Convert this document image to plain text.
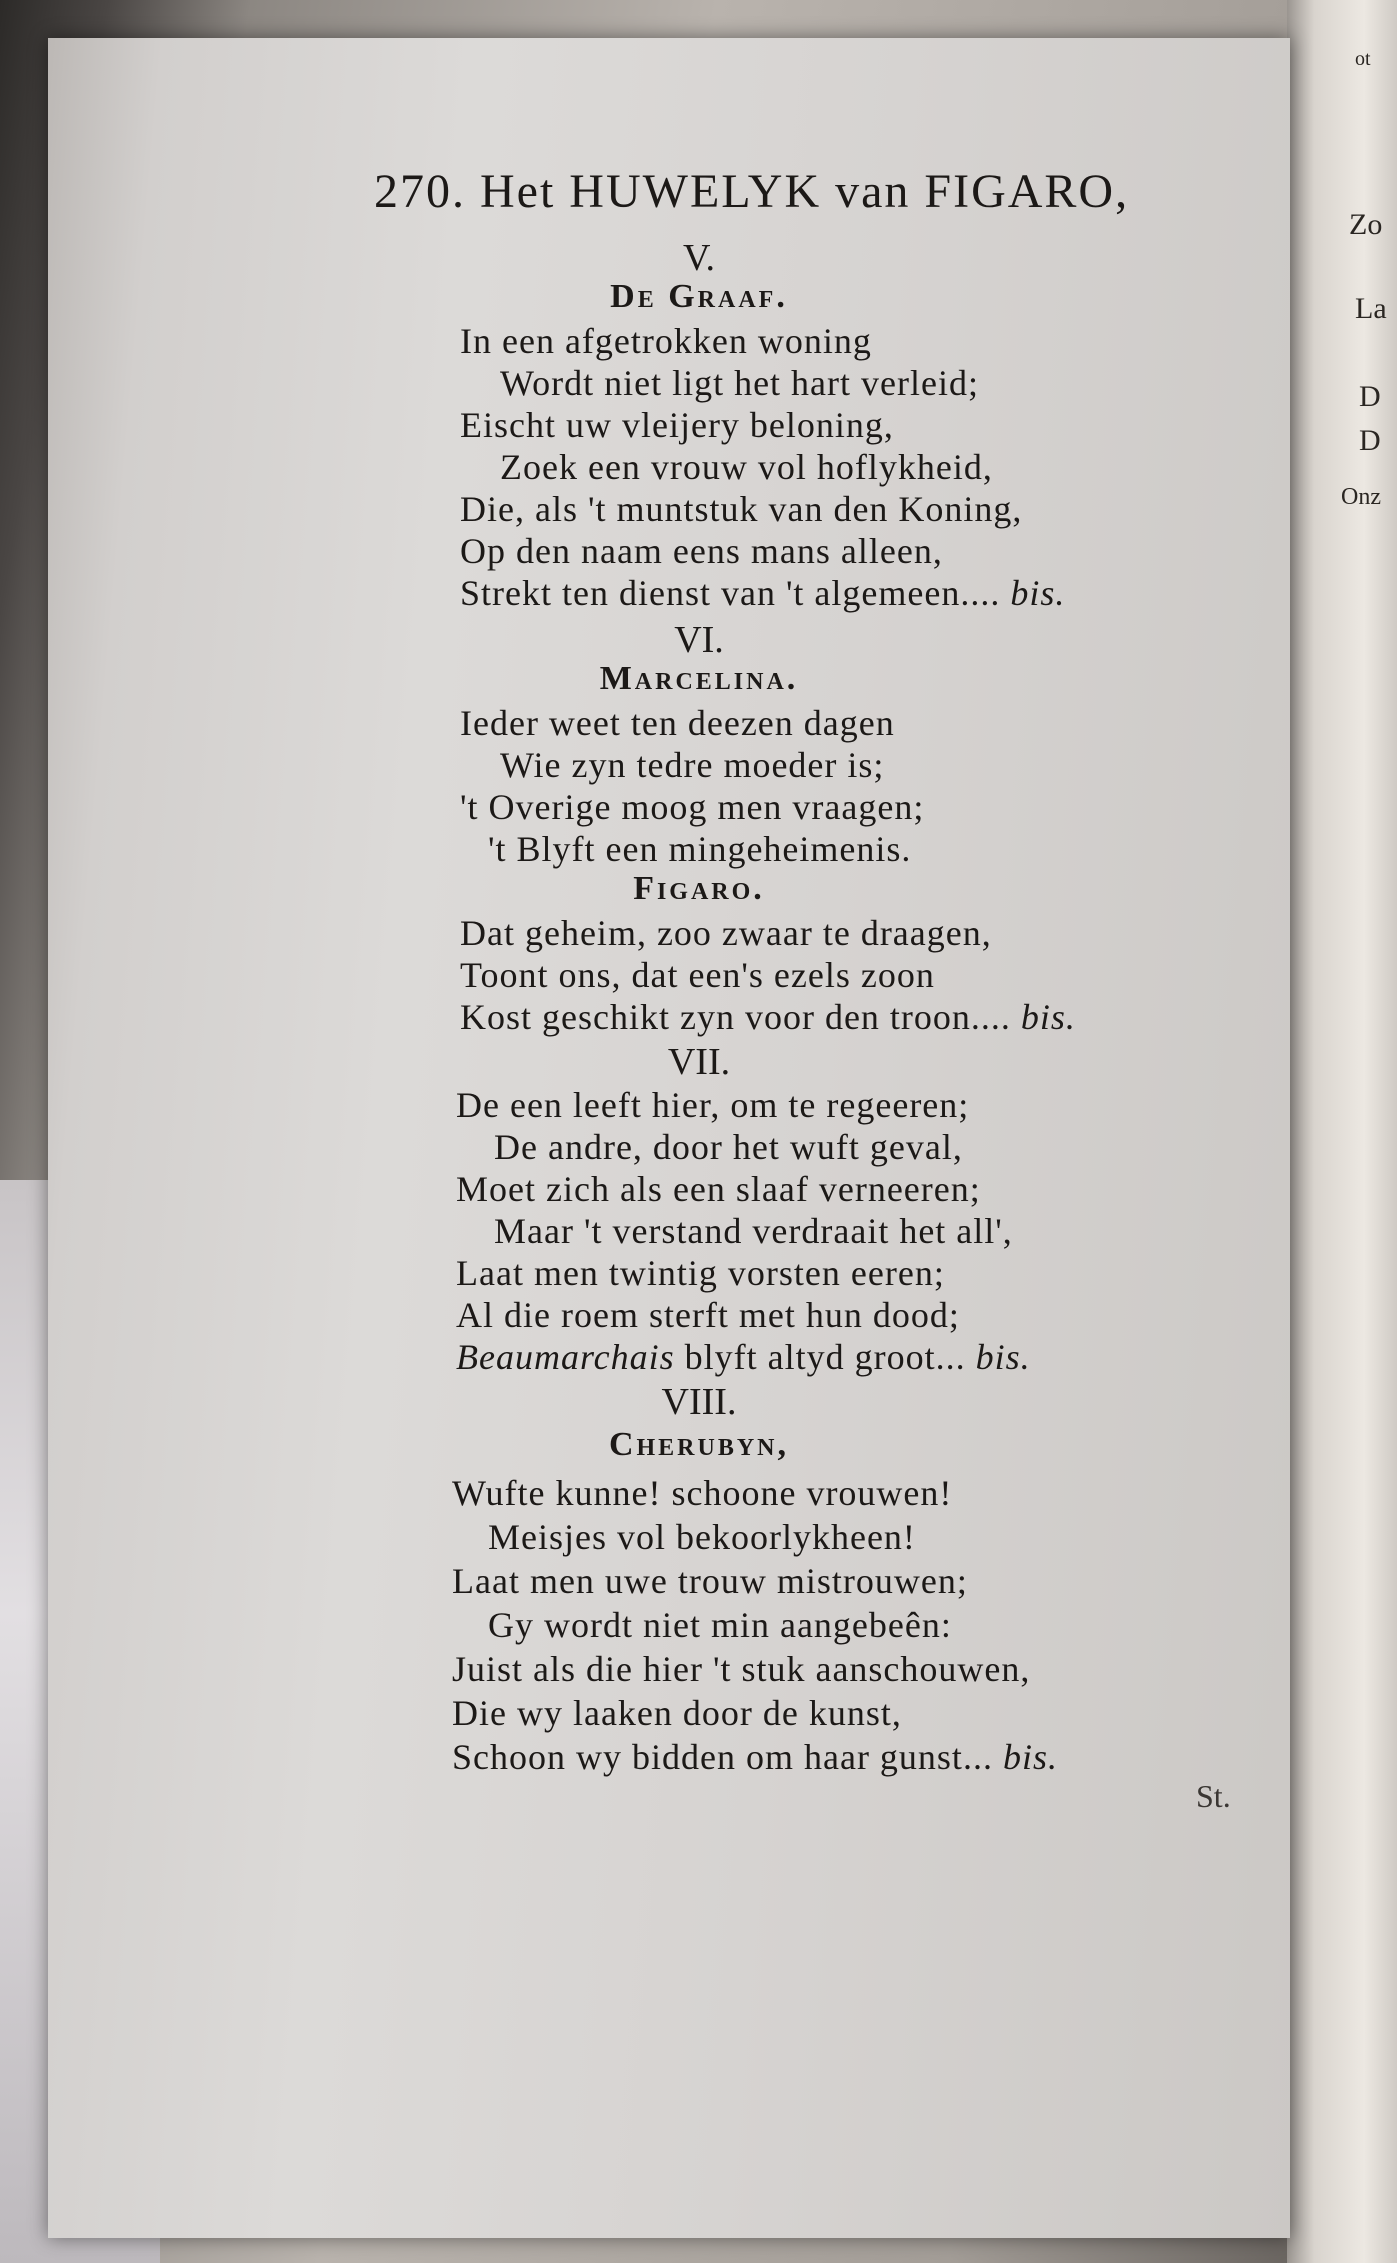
ot
Zo
La
D
D
Onz
270. Het HUWELYK van FIGARO,
V.
De Graaf.
In een afgetrokken woning
Wordt niet ligt het hart verleid;
Eischt uw vleijery beloning,
Zoek een vrouw vol hoflykheid,
Die, als 't muntstuk van den Koning,
Op den naam eens mans alleen,
Strekt ten dienst van 't algemeen.... bis.
VI.
Marcelina.
Ieder weet ten deezen dagen
Wie zyn tedre moeder is;
't Overige moog men vraagen;
't Blyft een mingeheimenis.
Figaro.
Dat geheim, zoo zwaar te draagen,
Toont ons, dat een's ezels zoon
Kost geschikt zyn voor den troon.... bis.
VII.
De een leeft hier, om te regeeren;
De andre, door het wuft geval,
Moet zich als een slaaf verneeren;
Maar 't verstand verdraait het all',
Laat men twintig vorsten eeren;
Al die roem sterft met hun dood;
Beaumarchais blyft altyd groot... bis.
VIII.
Cherubyn,
Wufte kunne! schoone vrouwen!
Meisjes vol bekoorlykheen!
Laat men uwe trouw mistrouwen;
Gy wordt niet min aangebeên:
Juist als die hier 't stuk aanschouwen,
Die wy laaken door de kunst,
Schoon wy bidden om haar gunst... bis.
St.
